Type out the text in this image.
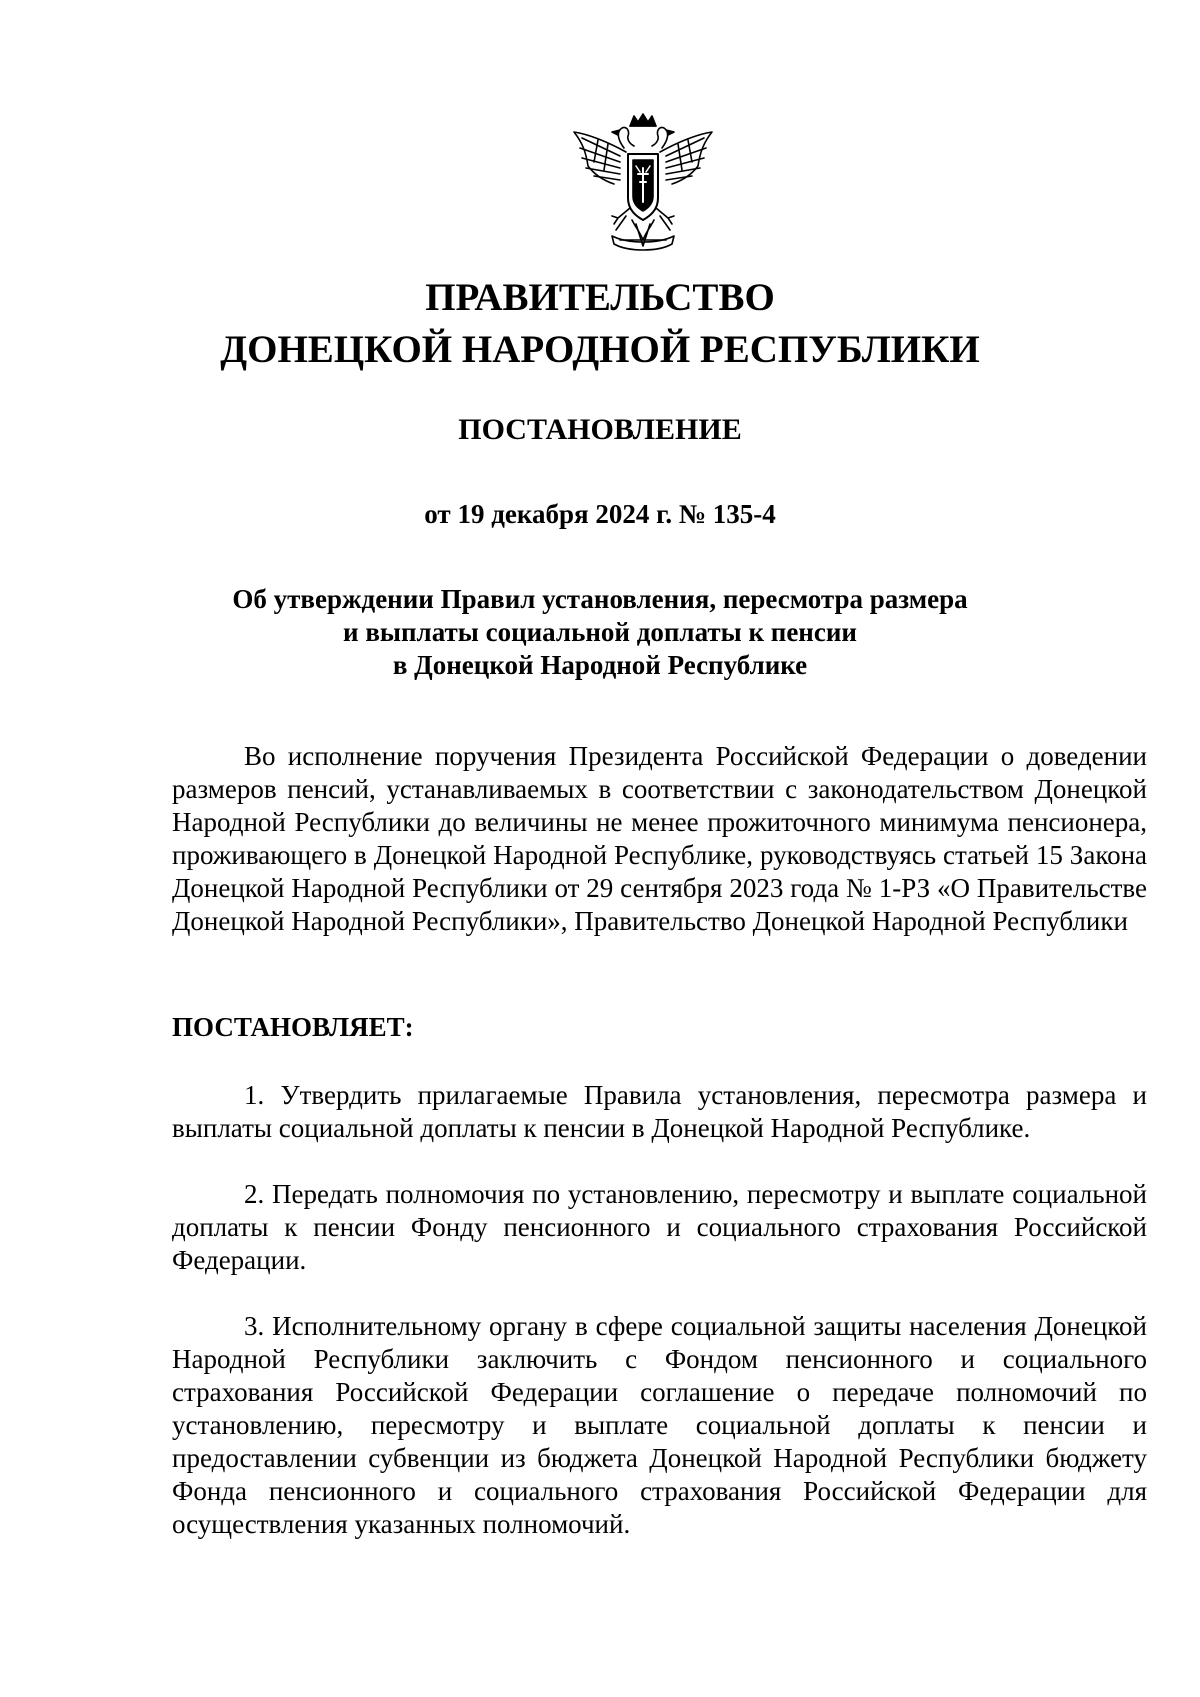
ПРАВИТЕЛЬСТВО
ДОНЕЦКОЙ НАРОДНОЙ РЕСПУБЛИКИ
ПОСТАНОВЛЕНИЕ
от 19 декабря 2024 г. № 135-4
Об утверждении Правил установления, пересмотра размера
и выплаты социальной доплаты к пенсии
в Донецкой Народной Республике
Во исполнение поручения Президента Российской Федерации о доведении размеров пенсий, устанавливаемых в соответствии с законодательством Донецкой Народной Республики до величины не менее прожиточного минимума пенсионера, проживающего в Донецкой Народной Республике, руководствуясь статьей 15 Закона Донецкой Народной Республики от 29 сентября 2023 года № 1-РЗ «О Правительстве Донецкой Народной Республики», Правительство Донецкой Народной Республики
ПОСТАНОВЛЯЕТ:
1. Утвердить прилагаемые Правила установления, пересмотра размера и выплаты социальной доплаты к пенсии в Донецкой Народной Республике.
2. Передать полномочия по установлению, пересмотру и выплате социальной доплаты к пенсии Фонду пенсионного и социального страхования Российской Федерации.
3. Исполнительному органу в сфере социальной защиты населения Донецкой Народной Республики заключить с Фондом пенсионного и социального страхования Российской Федерации соглашение о передаче полномочий по установлению, пересмотру и выплате социальной доплаты к пенсии и предоставлении субвенции из бюджета Донецкой Народной Республики бюджету Фонда пенсионного и социального страхования Российской Федерации для осуществления указанных полномочий.
